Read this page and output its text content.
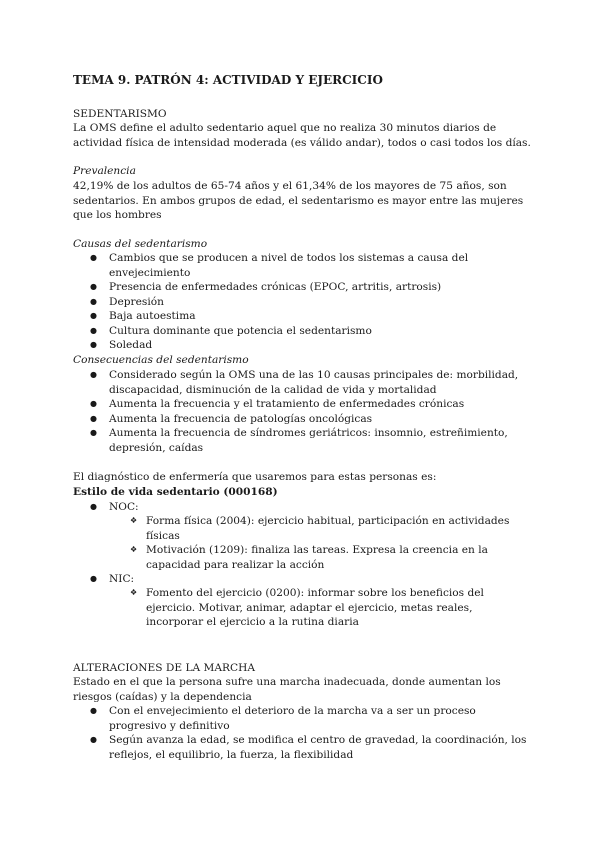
TEMA 9. PATRÓN 4: ACTIVIDAD Y EJERCICIO
SEDENTARISMO
La OMS define el adulto sedentario aquel que no realiza 30 minutos diarios de actividad física de intensidad moderada (es válido andar), todos o casi todos los días.
Prevalencia
42,19% de los adultos de 65-74 años y el 61,34% de los mayores de 75 años, son sedentarios. En ambos grupos de edad, el sedentarismo es mayor entre las mujeres que los hombres
Causas del sedentarismo
● Cambios que se producen a nivel de todos los sistemas a causa del envejecimiento
● Presencia de enfermedades crónicas (EPOC, artritis, artrosis)
● Depresión
● Baja autoestima
● Cultura dominante que potencia el sedentarismo
● Soledad
Consecuencias del sedentarismo
● Considerado según la OMS una de las 10 causas principales de: morbilidad, discapacidad, disminución de la calidad de vida y mortalidad
● Aumenta la frecuencia y el tratamiento de enfermedades crónicas
● Aumenta la frecuencia de patologías oncológicas
● Aumenta la frecuencia de síndromes geriátricos: insomnio, estreñimiento, depresión, caídas
El diagnóstico de enfermería que usaremos para estas personas es:
Estilo de vida sedentario (000168)
● NOC:
❖ Forma física (2004): ejercicio habitual, participación en actividades físicas
❖ Motivación (1209): finaliza las tareas. Expresa la creencia en la capacidad para realizar la acción
● NIC:
❖ Fomento del ejercicio (0200): informar sobre los beneficios del ejercicio. Motivar, animar, adaptar el ejercicio, metas reales, incorporar el ejercicio a la rutina diaria
ALTERACIONES DE LA MARCHA
Estado en el que la persona sufre una marcha inadecuada, donde aumentan los riesgos (caídas) y la dependencia
● Con el envejecimiento el deterioro de la marcha va a ser un proceso progresivo y definitivo
● Según avanza la edad, se modifica el centro de gravedad, la coordinación, los reflejos, el equilibrio, la fuerza, la flexibilidad
